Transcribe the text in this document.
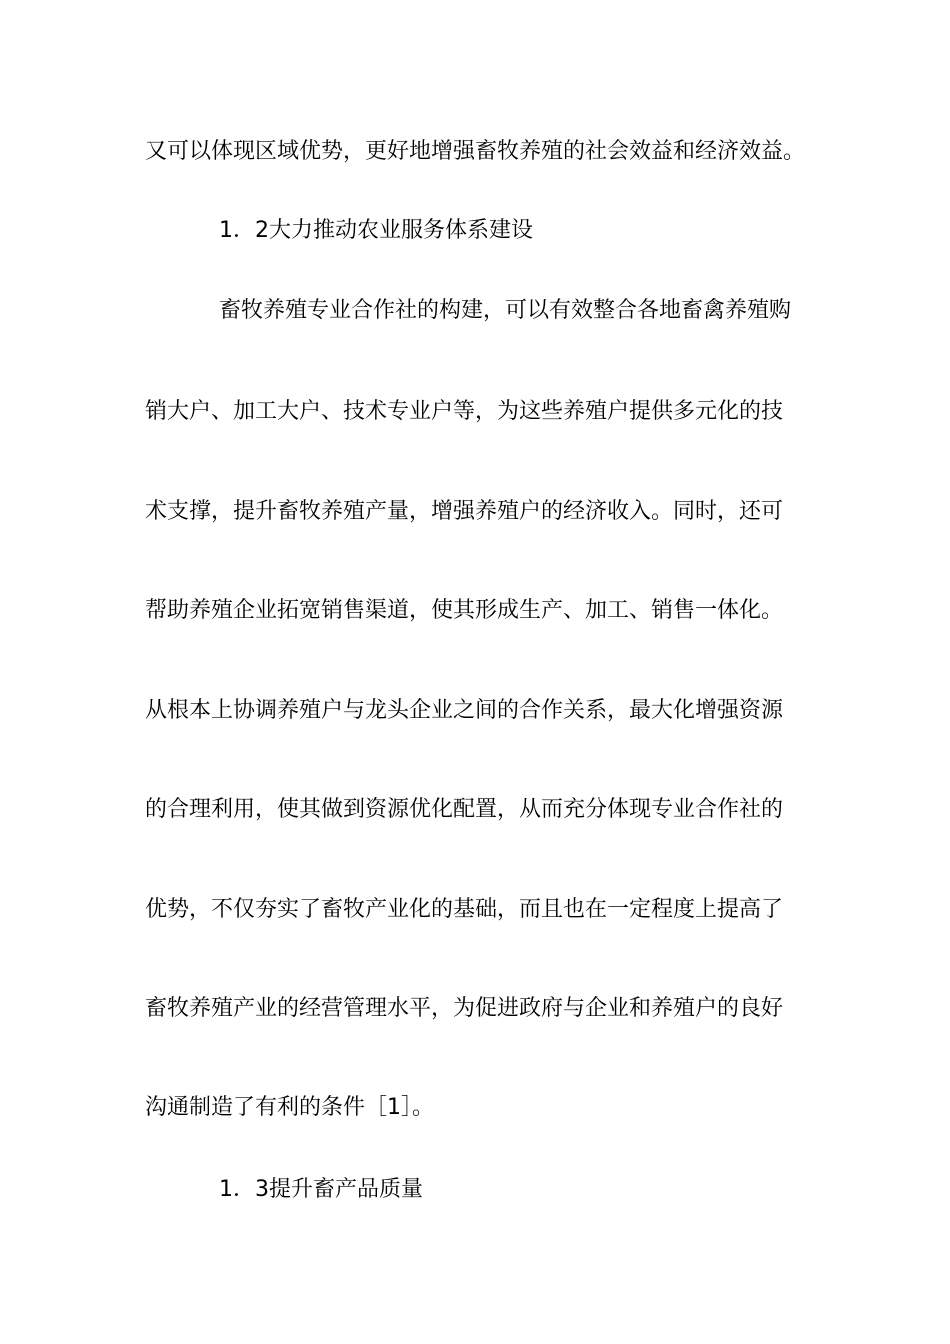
又可以体现区域优势，更好地增强畜牧养殖的社会效益和经济效益。
1．2大力推动农业服务体系建设
畜牧养殖专业合作社的构建，可以有效整合各地畜禽养殖购
销大户、加工大户、技术专业户等，为这些养殖户提供多元化的技
术支撑，提升畜牧养殖产量，增强养殖户的经济收入。同时，还可
帮助养殖企业拓宽销售渠道，使其形成生产、加工、销售一体化。
从根本上协调养殖户与龙头企业之间的合作关系，最大化增强资源
的合理利用，使其做到资源优化配置，从而充分体现专业合作社的
优势，不仅夯实了畜牧产业化的基础，而且也在一定程度上提高了
畜牧养殖产业的经营管理水平，为促进政府与企业和养殖户的良好
沟通制造了有利的条件［1］。
1．3提升畜产品质量
